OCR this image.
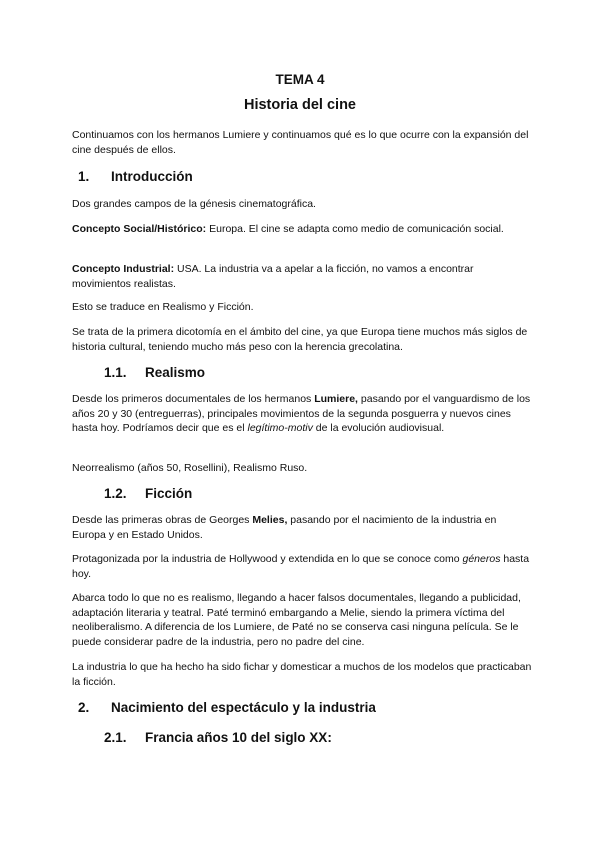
TEMA 4
Historia del cine

Continuamos con los hermanos Lumiere y continuamos qué es lo que ocurre con la expansión del cine después de ellos.

1. Introducción

Dos grandes campos de la génesis cinematográfica.

Concepto Social/Histórico: Europa. El cine se adapta como medio de comunicación social.

Concepto Industrial: USA. La industria va a apelar a la ficción, no vamos a encontrar movimientos realistas.

Esto se traduce en Realismo y Ficción.

Se trata de la primera dicotomía en el ámbito del cine, ya que Europa tiene muchos más siglos de historia cultural, teniendo mucho más peso con la herencia grecolatina.

1.1. Realismo

Desde los primeros documentales de los hermanos Lumiere, pasando por el vanguardismo de los años 20 y 30 (entreguerras), principales movimientos de la segunda posguerra y nuevos cines hasta hoy. Podríamos decir que es el legítimo-motiv de la evolución audiovisual.

Neorrealismo (años 50, Rosellini), Realismo Ruso.

1.2. Ficción

Desde las primeras obras de Georges Melies, pasando por el nacimiento de la industria en Europa y en Estado Unidos.

Protagonizada por la industria de Hollywood y extendida en lo que se conoce como géneros hasta hoy.

Abarca todo lo que no es realismo, llegando a hacer falsos documentales, llegando a publicidad, adaptación literaria y teatral. Paté terminó embargando a Melie, siendo la primera víctima del neoliberalismo. A diferencia de los Lumiere, de Paté no se conserva casi ninguna película. Se le puede considerar padre de la industria, pero no padre del cine.

La industria lo que ha hecho ha sido fichar y domesticar a muchos de los modelos que practicaban la ficción.

2. Nacimiento del espectáculo y la industria
2.1. Francia años 10 del siglo XX:
